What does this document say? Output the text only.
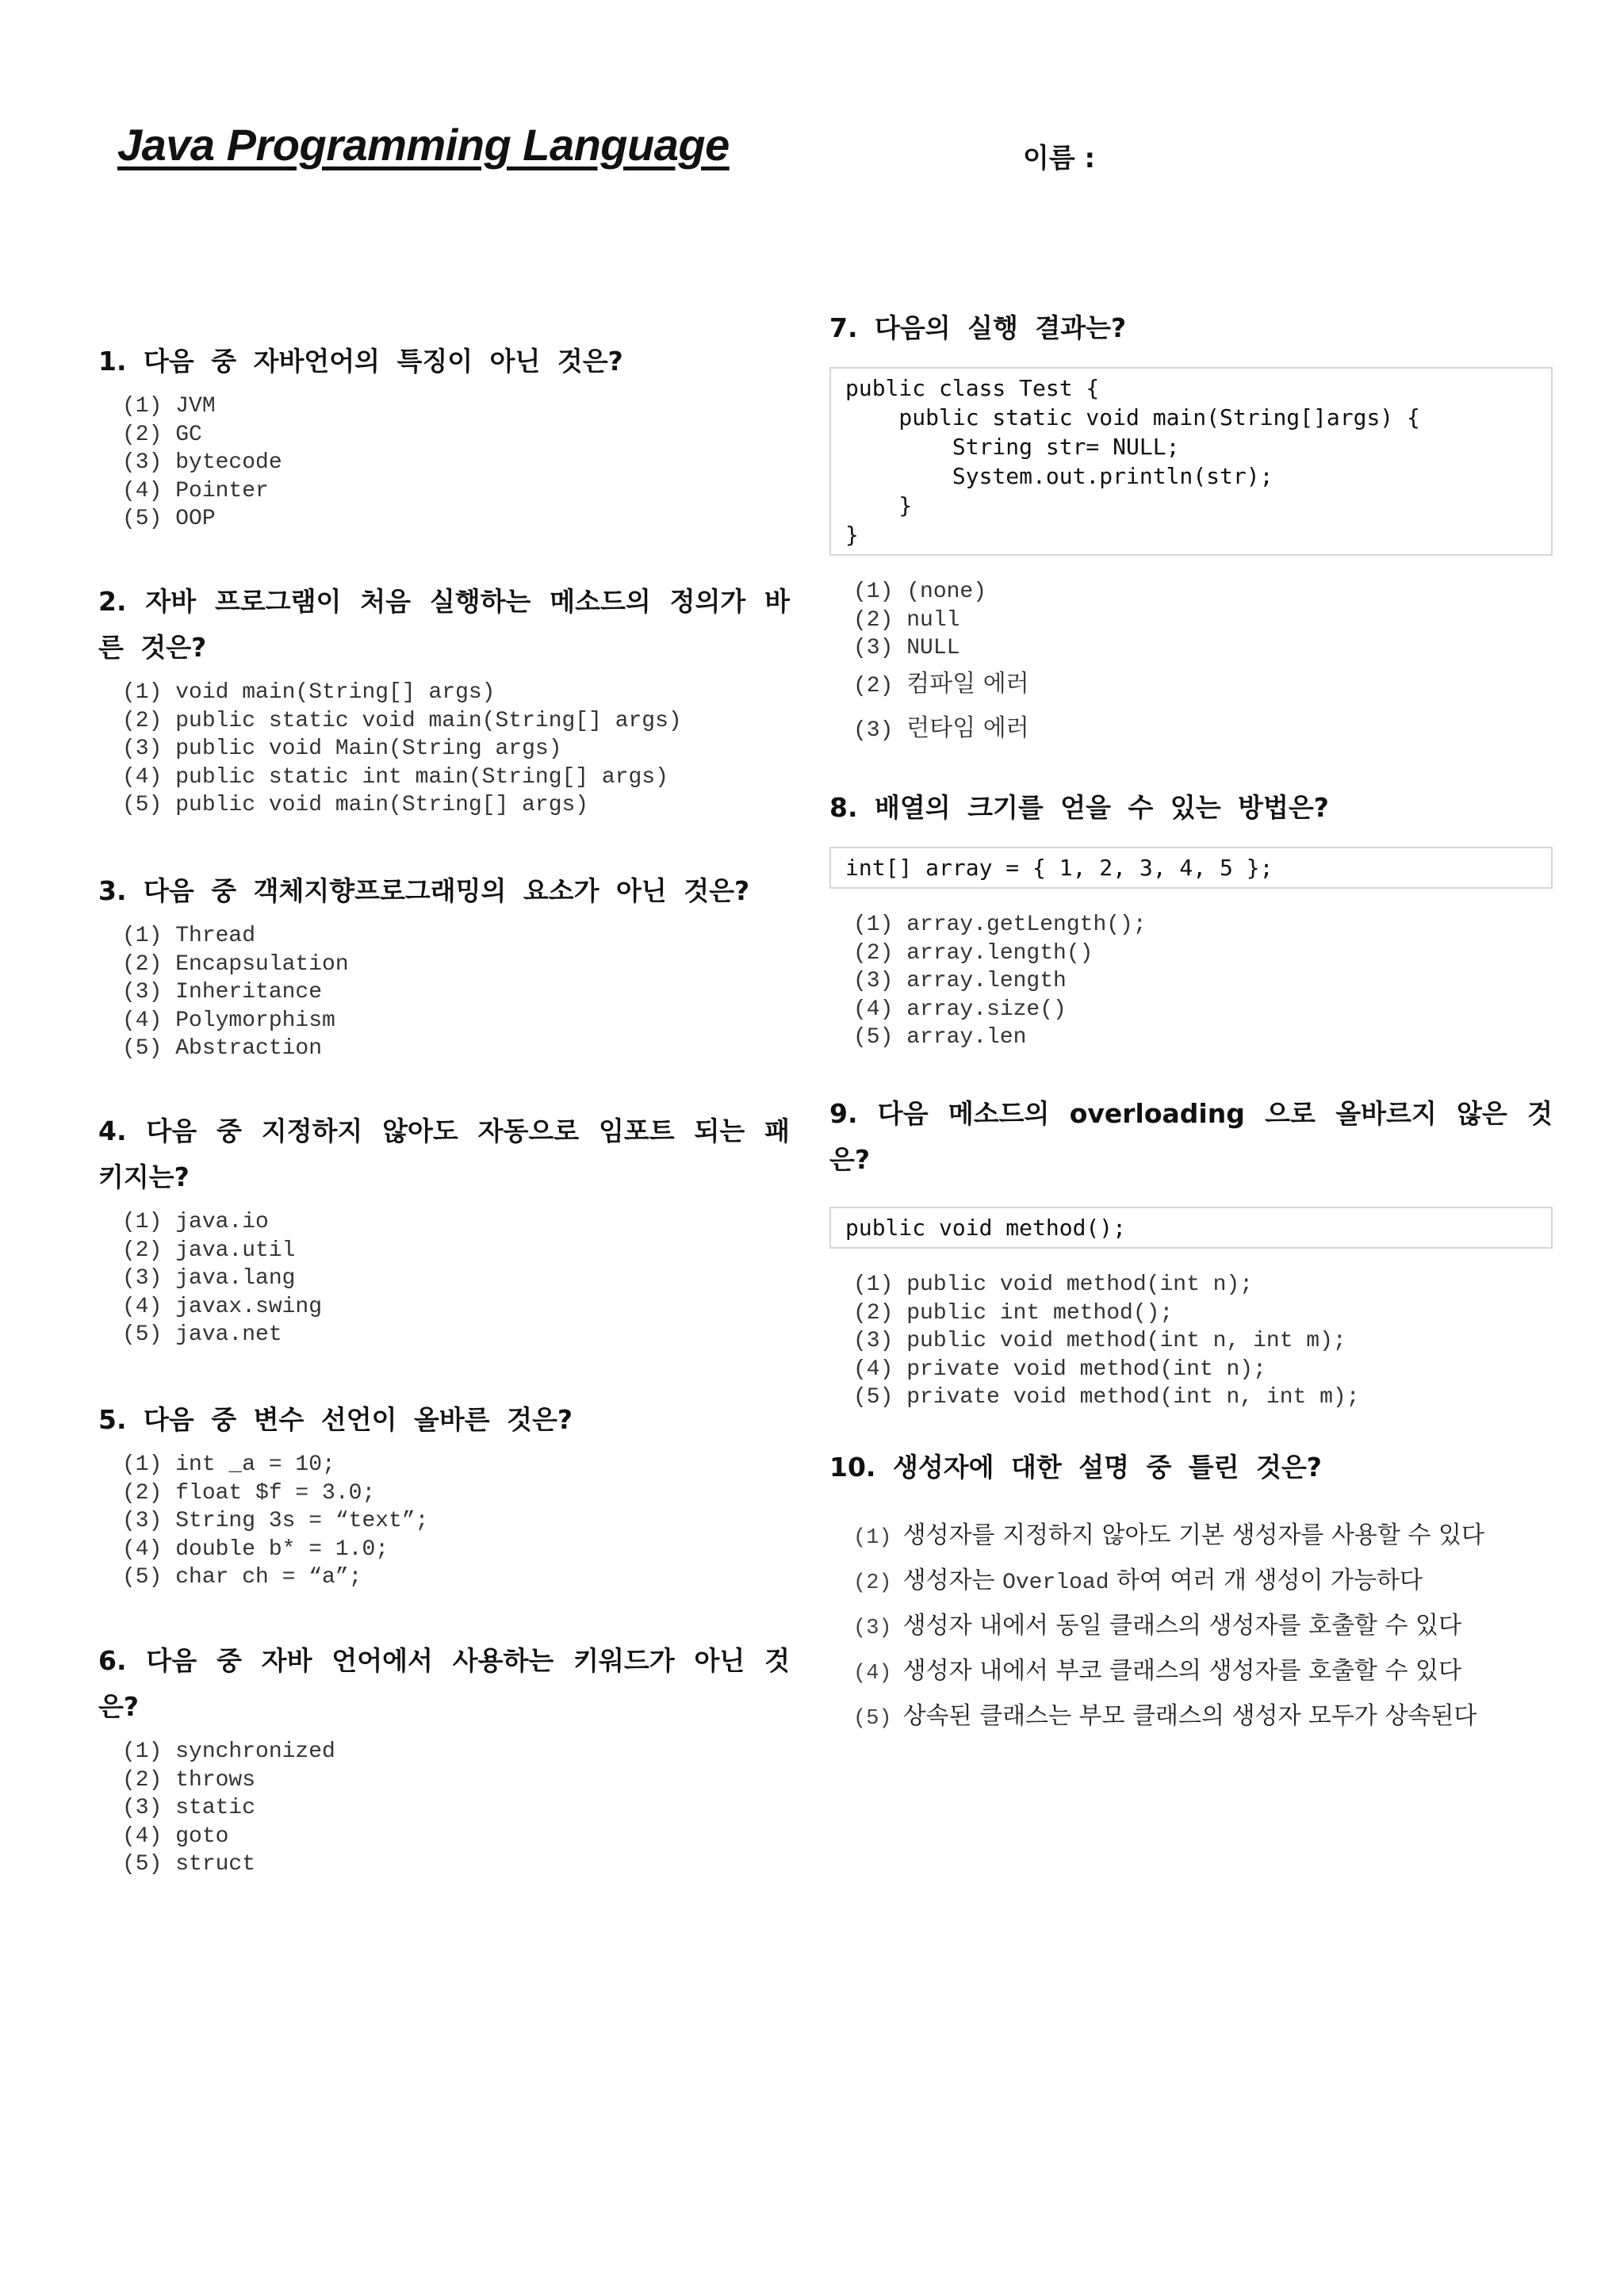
Java Programming Language	이름 :

1. 다음 중 자바언어의 특징이 아닌 것은?

(1) JVM
(2) GC
(3) bytecode
(4) Pointer
(5) OOP

2. 자바 프로그램이 처음 실행하는 메소드의 정의가 바른 것은?

(1) void main(String[] args)
(2) public static void main(String[] args)
(3) public void Main(String args)
(4) public static int main(String[] args)
(5) public void main(String[] args)

3. 다음 중 객체지향프로그래밍의 요소가 아닌 것은?

(1) Thread
(2) Encapsulation
(3) Inheritance
(4) Polymorphism
(5) Abstraction

4. 다음 중 지정하지 않아도 자동으로 임포트 되는 패키지는?

(1) java.io
(2) java.util
(3) java.lang
(4) javax.swing
(5) java.net

5. 다음 중 변수 선언이 올바른 것은?

(1) int _a = 10;
(2) float $f = 3.0;
(3) String 3s = “text”;
(4) double b* = 1.0;
(5) char ch = “a”;

6. 다음 중 자바 언어에서 사용하는 키워드가 아닌 것은?

(1) synchronized
(2) throws
(3) static
(4) goto
(5) struct

7. 다음의 실행 결과는?

public class Test {
public static void main(String[]args) {
String str= NULL;
System.out.println(str);
}
}
(1) (none)
(2) null
(3) NULL
(2) 컴파일 에러
(3) 런타임 에러

8. 배열의 크기를 얻을 수 있는 방법은?

int[] array = { 1, 2, 3, 4, 5 };
(1) array.getLength();
(2) array.length()
(3) array.length
(4) array.size()
(5) array.len

9. 다음 메소드의 overloading 으로 올바르지 않은 것은?

public void method();
(1) public void method(int n);
(2) public int method();
(3) public void method(int n, int m);
(4) private void method(int n);
(5) private void method(int n, int m);

10. 생성자에 대한 설명 중 틀린 것은?

(1) 생성자를 지정하지 않아도 기본 생성자를 사용할 수 있다
(2) 생성자는 Overload 하여 여러 개 생성이 가능하다
(3) 생성자 내에서 동일 클래스의 생성자를 호출할 수 있다
(4) 생성자 내에서 부코 클래스의 생성자를 호출할 수 있다
(5) 상속된 클래스는 부모 클래스의 생성자 모두가 상속된다
